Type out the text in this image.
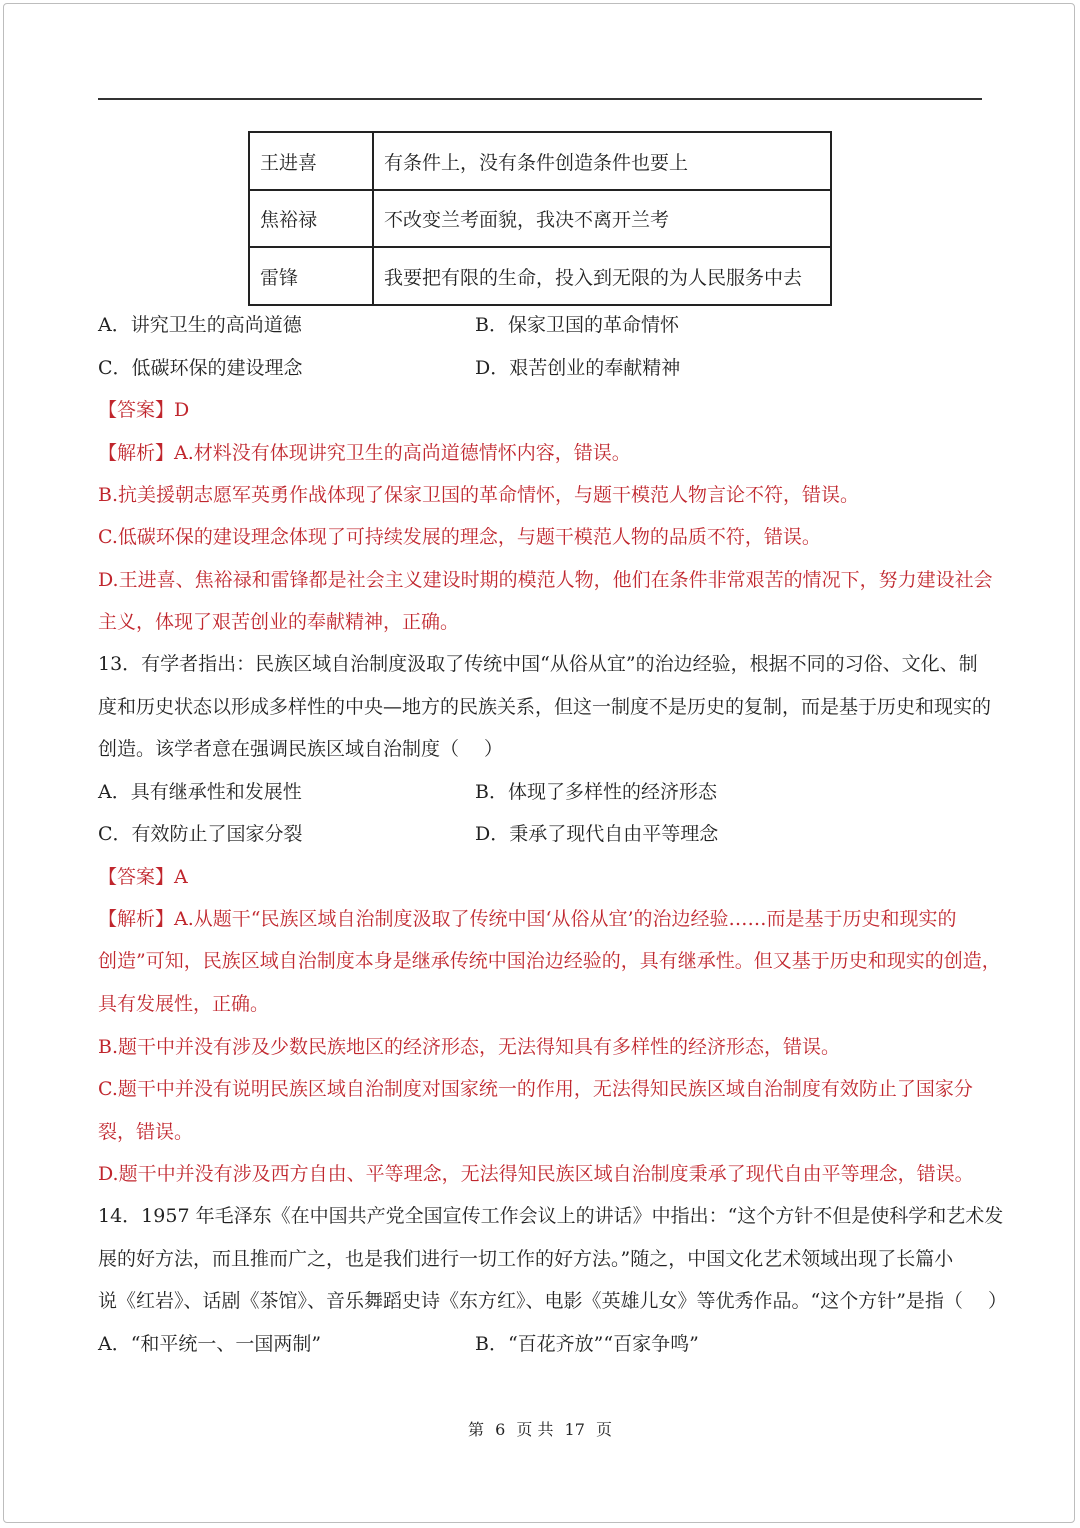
王进喜	有条件上，没有条件创造条件也要上
焦裕禄	不改变兰考面貌，我决不离开兰考
雷锋	我要把有限的生命，投入到无限的为人民服务中去
A．讲究卫生的高尚道德	B．保家卫国的革命情怀
C．低碳环保的建设理念	D．艰苦创业的奉献精神
【答案】D
【解析】A.材料没有体现讲究卫生的高尚道德情怀内容，错误。
B.抗美援朝志愿军英勇作战体现了保家卫国的革命情怀，与题干模范人物言论不符，错误。
C.低碳环保的建设理念体现了可持续发展的理念，与题干模范人物的品质不符，错误。
D.王进喜、焦裕禄和雷锋都是社会主义建设时期的模范人物，他们在条件非常艰苦的情况下，努力建设社会
主义，体现了艰苦创业的奉献精神，正确。
13．有学者指出：民族区域自治制度汲取了传统中国“从俗从宜”的治边经验，根据不同的习俗、文化、制
度和历史状态以形成多样性的中央—地方的民族关系，但这一制度不是历史的复制，而是基于历史和现实的
创造。该学者意在强调民族区域自治制度（　 ）
A．具有继承性和发展性	B．体现了多样性的经济形态
C．有效防止了国家分裂	D．秉承了现代自由平等理念
【答案】A
【解析】A.从题干“民族区域自治制度汲取了传统中国‘从俗从宜’的治边经验……而是基于历史和现实的
创造”可知，民族区域自治制度本身是继承传统中国治边经验的，具有继承性。但又基于历史和现实的创造，
具有发展性，正确。
B.题干中并没有涉及少数民族地区的经济形态，无法得知具有多样性的经济形态，错误。
C.题干中并没有说明民族区域自治制度对国家统一的作用，无法得知民族区域自治制度有效防止了国家分
裂，错误。
D.题干中并没有涉及西方自由、平等理念，无法得知民族区域自治制度秉承了现代自由平等理念，错误。
14．1957 年毛泽东《在中国共产党全国宣传工作会议上的讲话》中指出：“这个方针不但是使科学和艺术发
展的好方法，而且推而广之，也是我们进行一切工作的好方法。”随之，中国文化艺术领域出现了长篇小
说《红岩》、话剧《茶馆》、音乐舞蹈史诗《东方红》、电影《英雄儿女》等优秀作品。“这个方针”是指（　 ）
A．“和平统一、一国两制”	B．“百花齐放”“百家争鸣”
第 6 页 共 17 页
